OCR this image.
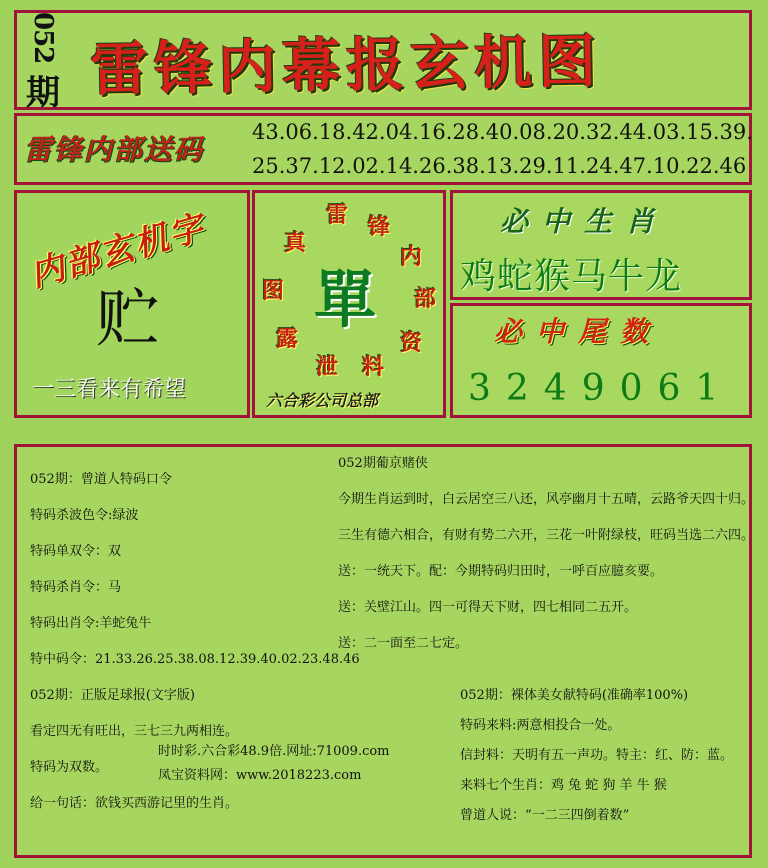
052
期 雷锋内幕报玄机图
雷锋内部送码
43.06.18.42.04.16.28.40.08.20.32.44.03.15.39.
25.37.12.02.14.26.38.13.29.11.24.47.10.22.46
内部玄机字
贮
一三看来有希望
雷 锋
内
部
资
料
泄
露
图
真
單
六合彩公司总部
必中生肖
鸡蛇猴马牛龙
必中尾数
3249061
052期：曾道人特码口令
特码杀波色令:绿波
特码单双令：双
特码杀肖令：马
特码出肖令:羊蛇兔牛
特中码令：21.33.26.25.38.08.12.39.40.02.23.48.46
052期葡京赌侠
今期生肖运到时，白云居空三八还，风亭幽月十五晴，云路爷天四十归。
三生有德六相合，有财有势二六开，三花一叶附绿枝，旺码当选二六四。
送：一统天下。配：今期特码归田时，一呼百应臆亥要。
送：关壁江山。四一可得天下财，四七相同二五开。
送：二一面至二七定。
052期：正版足球报(文字版)
看定四无有旺出，三七三九两相连。
特码为双数。
给一句话：欲钱买西游记里的生肖。
时时彩.六合彩48.9倍.网址:71009.com
凤宝资料网：www.2018223.com
052期：裸体美女献特码(准确率100%)
特码来料:两意相投合一处。
信封料：天明有五一声功。特主：红、防：蓝。
来料七个生肖：鸡 兔 蛇 狗 羊 牛 猴
曾道人说：“一二三四倒着数”
